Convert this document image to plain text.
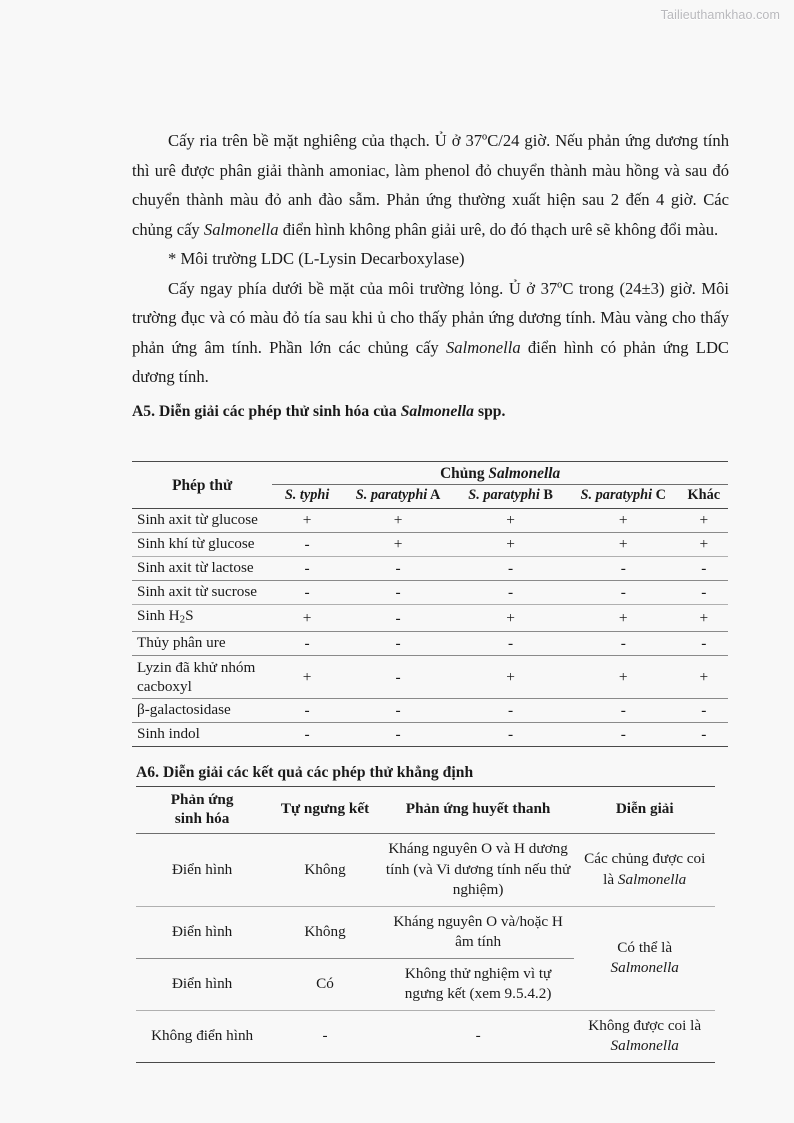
Tailieuthamkhao.com

Cấy ria trên bề mặt nghiêng của thạch. Ủ ở 37ºC/24 giờ. Nếu phản ứng dương tính thì urê được phân giải thành amoniac, làm phenol đỏ chuyển thành màu hồng và sau đó chuyển thành màu đỏ anh đào sẫm. Phản ứng thường xuất hiện sau 2 đến 4 giờ. Các chủng cấy Salmonella điển hình không phân giải urê, do đó thạch urê sẽ không đổi màu.

* Môi trường LDC (L-Lysin Decarboxylase)

Cấy ngay phía dưới bề mặt của môi trường lỏng. Ủ ở 37ºC trong (24±3) giờ. Môi trường đục và có màu đỏ tía sau khi ủ cho thấy phản ứng dương tính. Màu vàng cho thấy phản ứng âm tính. Phần lớn các chủng cấy Salmonella điển hình có phản ứng LDC dương tính.

A5. Diễn giải các phép thử sinh hóa của Salmonella spp.
Phép thử	Chủng Salmonella				
	S. typhi	S. paratyphi A	S. paratyphi B	S. paratyphi C	Khác
Sinh axit từ glucose	+	+	+	+	+
Sinh khí từ glucose	-	+	+	+	+
Sinh axit từ lactose	-	-	-	-	-
Sinh axit từ sucrose	-	-	-	-	-
Sinh $H_2S$	+	-	+	+	+
Thủy phân ure	-	-	-	-	-
Lyzin đã khử nhóm cacboxyl	+	-	+	+	+
β-galactosidase	-	-	-	-	-
Sinh indol	-	-	-	-	-
A6. Diễn giải các kết quả các phép thử khẳng định
Phản ứng
sinh hóa	Tự ngưng kết	Phản ứng huyết thanh	Diễn giải
Điển hình	Không	Kháng nguyên O và H dương tính (và Vi dương tính nếu thử nghiệm)	Các chủng được coi là Salmonella
Điển hình	Không	Kháng nguyên O và/hoặc H âm tính	Có thể là
Salmonella
Điển hình	Có	Không thử nghiệm vì tự ngưng kết (xem 9.5.4.2)	
Không điển hình	-	-	Không được coi là Salmonella
